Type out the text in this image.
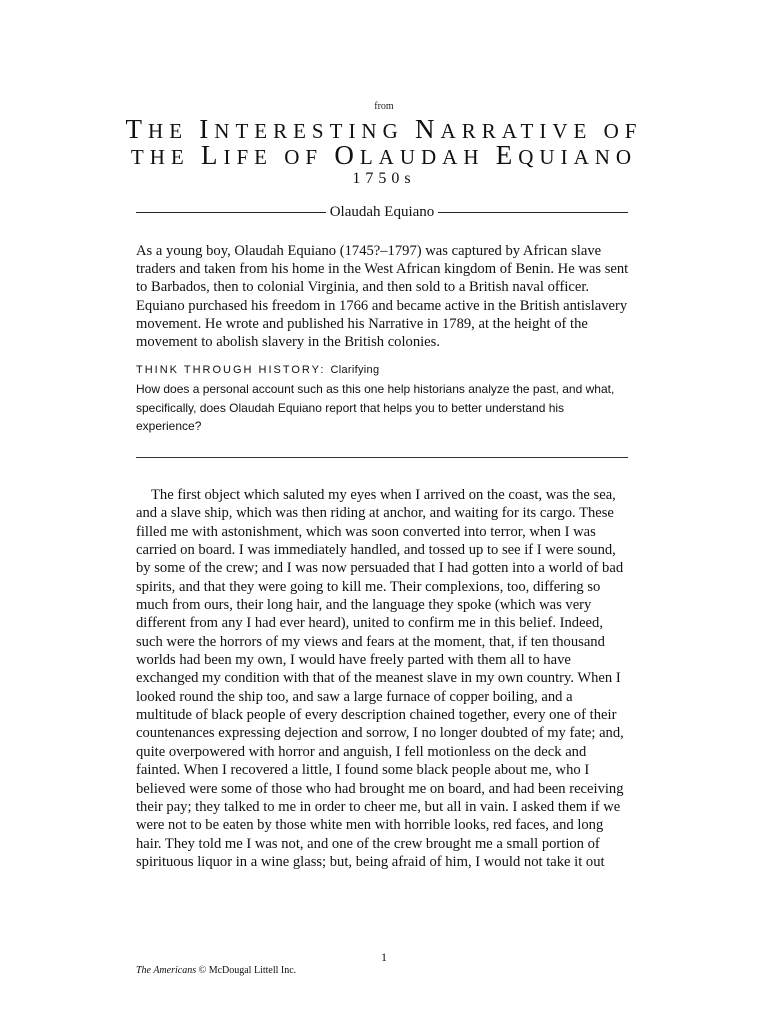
from
THE INTERESTING NARRATIVE OF
THE LIFE OF OLAUDAH EQUIANO
1750s
Olaudah Equiano

As a young boy, Olaudah Equiano (1745?–1797) was captured by African slave traders and taken from his home in the West African kingdom of Benin. He was sent to Barbados, then to colonial Virginia, and then sold to a British naval officer. Equiano purchased his freedom in 1766 and became active in the British antislavery movement. He wrote and published his Narrative in 1789, at the height of the movement to abolish slavery in the British colonies.

THINK THROUGH HISTORY: Clarifying

How does a personal account such as this one help historians analyze the past, and what, specifically, does Olaudah Equiano report that helps you to better understand his experience?

The first object which saluted my eyes when I arrived on the coast, was the sea, and a slave ship, which was then riding at anchor, and waiting for its cargo. These filled me with astonishment, which was soon converted into terror, when I was carried on board. I was immediately handled, and tossed up to see if I were sound, by some of the crew; and I was now persuaded that I had gotten into a world of bad spirits, and that they were going to kill me. Their complexions, too, differing so much from ours, their long hair, and the language they spoke (which was very different from any I had ever heard), united to confirm me in this belief. Indeed, such were the horrors of my views and fears at the moment, that, if ten thousand worlds had been my own, I would have freely parted with them all to have exchanged my condition with that of the meanest slave in my own country. When I looked round the ship too, and saw a large furnace of copper boiling, and a multitude of black people of every description chained together, every one of their countenances expressing dejection and sorrow, I no longer doubted of my fate; and, quite overpowered with horror and anguish, I fell motionless on the deck and fainted. When I recovered a little, I found some black people about me, who I believed were some of those who had brought me on board, and had been receiving their pay; they talked to me in order to cheer me, but all in vain. I asked them if we were not to be eaten by those white men with horrible looks, red faces, and long hair. They told me I was not, and one of the crew brought me a small portion of spirituous liquor in a wine glass; but, being afraid of him, I would not take it out

1
The Americans © McDougal Littell Inc.
